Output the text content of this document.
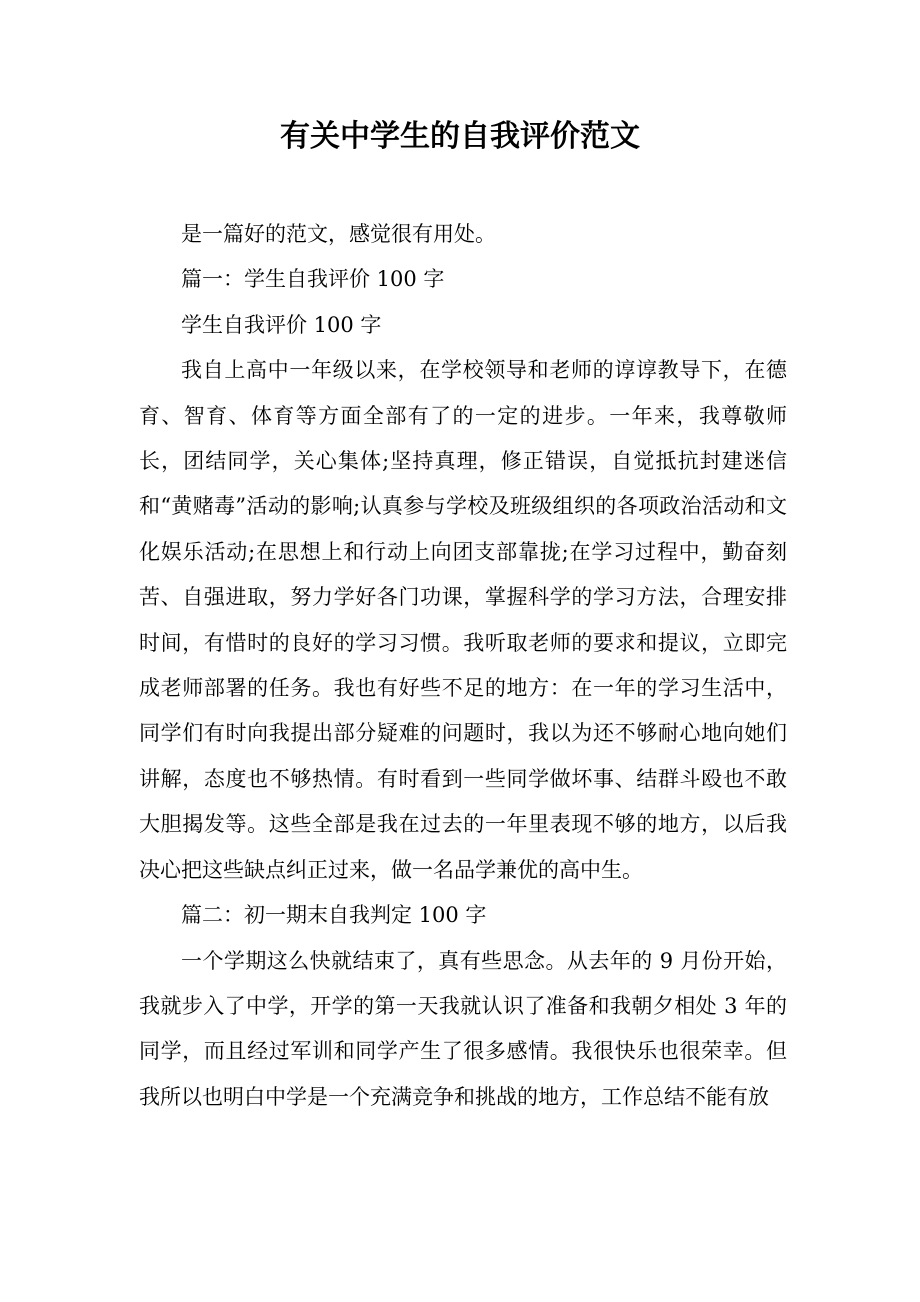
有关中学生的自我评价范文

是一篇好的范文，感觉很有用处。

篇一：学生自我评价 100 字

学生自我评价 100 字

我自上高中一年级以来，在学校领导和老师的谆谆教导下，在德育、智育、体育等方面全部有了的一定的进步。一年来，我尊敬师长，团结同学，关心集体;坚持真理，修正错误，自觉抵抗封建迷信和“黄赌毒”活动的影响;认真参与学校及班级组织的各项政治活动和文化娱乐活动;在思想上和行动上向团支部靠拢;在学习过程中，勤奋刻苦、自强进取，努力学好各门功课，掌握科学的学习方法，合理安排时间，有惜时的良好的学习习惯。我听取老师的要求和提议，立即完成老师部署的任务。我也有好些不足的地方：在一年的学习生活中，同学们有时向我提出部分疑难的问题时，我以为还不够耐心地向她们讲解，态度也不够热情。有时看到一些同学做坏事、结群斗殴也不敢大胆揭发等。这些全部是我在过去的一年里表现不够的地方，以后我决心把这些缺点纠正过来，做一名品学兼优的高中生。

篇二：初一期末自我判定 100 字

一个学期这么快就结束了，真有些思念。从去年的 9 月份开始，我就步入了中学，开学的第一天我就认识了准备和我朝夕相处 3 年的同学，而且经过军训和同学产生了很多感情。我很快乐也很荣幸。但我所以也明白中学是一个充满竞争和挑战的地方，工作总结不能有放
